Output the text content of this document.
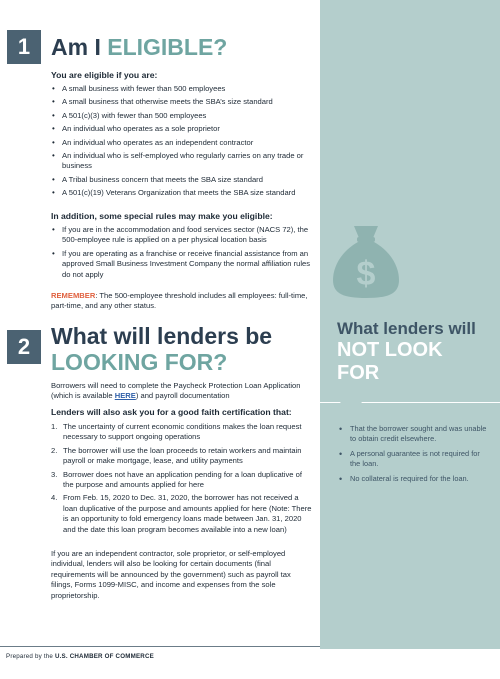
$
What lenders will
NOT LOOK
FOR
• That the borrower sought and was unable to obtain credit elsewhere.
• A personal guarantee is not required for the loan.
• No collateral is required for the loan.
1 Am I ELIGIBLE?
You are eligible if you are:
• A small business with fewer than 500 employees
• A small business that otherwise meets the SBA’s size standard
• A 501(c)(3) with fewer than 500 employees
• An individual who operates as a sole proprietor
• An individual who operates as an independent contractor
• An individual who is self-employed who regularly carries on any trade or business
• A Tribal business concern that meets the SBA size standard
• A 501(c)(19) Veterans Organization that meets the SBA size standard
In addition, some special rules may make you eligible:
• If you are in the accommodation and food services sector (NACS 72), the 500-employee rule is applied on a per physical location basis
• If you are operating as a franchise or receive financial assistance from an approved Small Business Investment Company the normal affiliation rules do not apply
REMEMBER: The 500-employee threshold includes all employees: full-time, part-time, and any other status.
2 What will lenders be
LOOKING FOR?
Borrowers will need to complete the Paycheck Protection Loan Application (which is available HERE) and payroll documentation
Lenders will also ask you for a good faith certification that:
1. The uncertainty of current economic conditions makes the loan request necessary to support ongoing operations
2. The borrower will use the loan proceeds to retain workers and maintain payroll or make mortgage, lease, and utility payments
3. Borrower does not have an application pending for a loan duplicative of the purpose and amounts applied for here
4. From Feb. 15, 2020 to Dec. 31, 2020, the borrower has not received a loan duplicative of the purpose and amounts applied for here (Note: There is an opportunity to fold emergency loans made between Jan. 31, 2020 and the date this loan program becomes available into a new loan)
If you are an independent contractor, sole proprietor, or self-employed individual, lenders will also be looking for certain documents (final requirements will be announced by the government) such as payroll tax filings, Forms 1099-MISC, and income and expenses from the sole proprietorship.
Prepared by the U.S. CHAMBER OF COMMERCE
